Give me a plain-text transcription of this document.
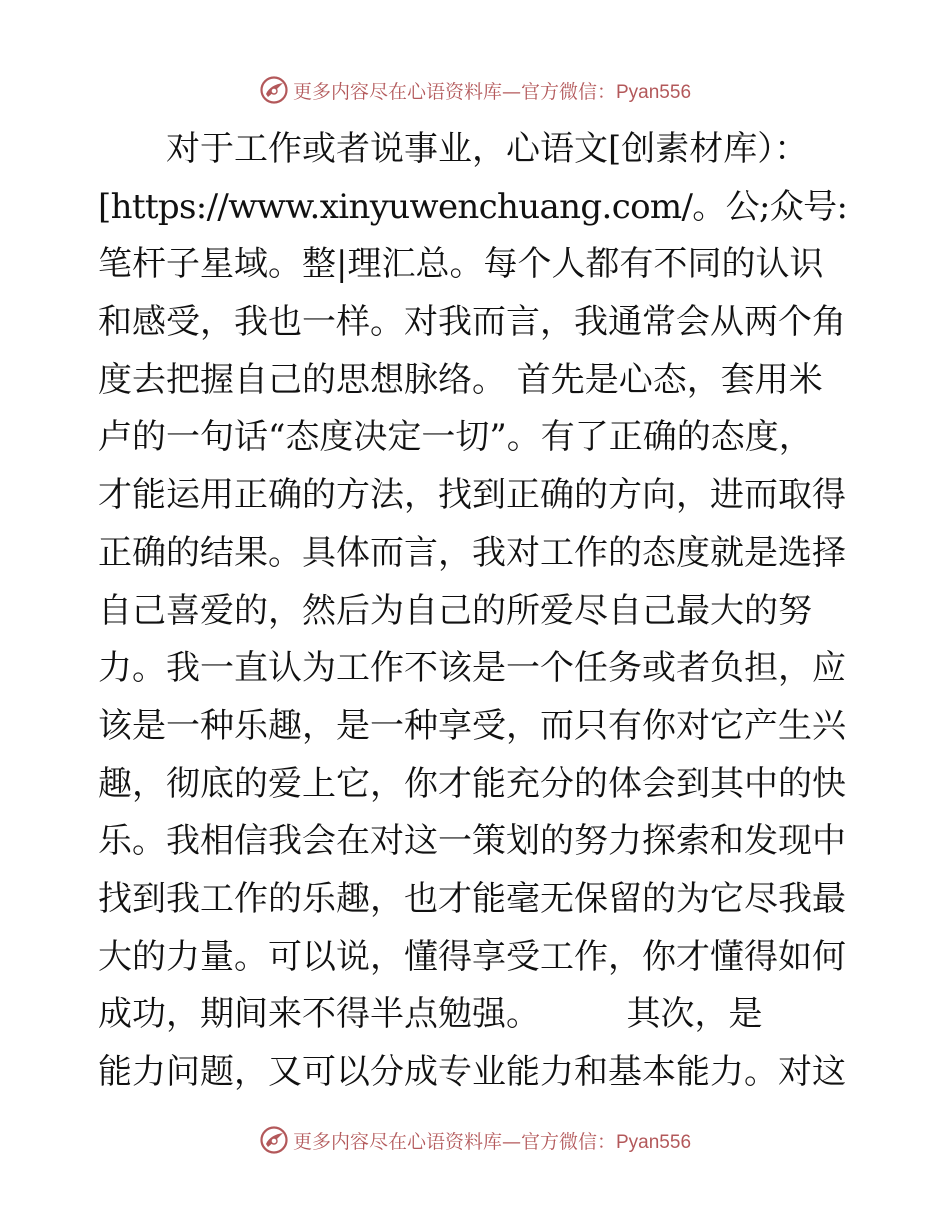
更多内容尽在心语资料库—官方微信：Pyan556
　　对于工作或者说事业，心语文[创素材库）：
[https://www.xinyuwenchuang.com/。公;众号:
笔杆子星域。整|理汇总。每个人都有不同的认识
和感受，我也一样。对我而言，我通常会从两个角
度去把握自己的思想脉络。 首先是心态，套用米
卢的一句话“态度决定一切”。有了正确的态度，
才能运用正确的方法，找到正确的方向，进而取得
正确的结果。具体而言，我对工作的态度就是选择
自己喜爱的，然后为自己的所爱尽自己最大的努
力。我一直认为工作不该是一个任务或者负担，应
该是一种乐趣，是一种享受，而只有你对它产生兴
趣，彻底的爱上它，你才能充分的体会到其中的快
乐。我相信我会在对这一策划的努力探索和发现中
找到我工作的乐趣，也才能毫无保留的为它尽我最
大的力量。可以说，懂得享受工作，你才懂得如何
成功，期间来不得半点勉强。        其次，是
能力问题，又可以分成专业能力和基本能力。对这
更多内容尽在心语资料库—官方微信：Pyan556
